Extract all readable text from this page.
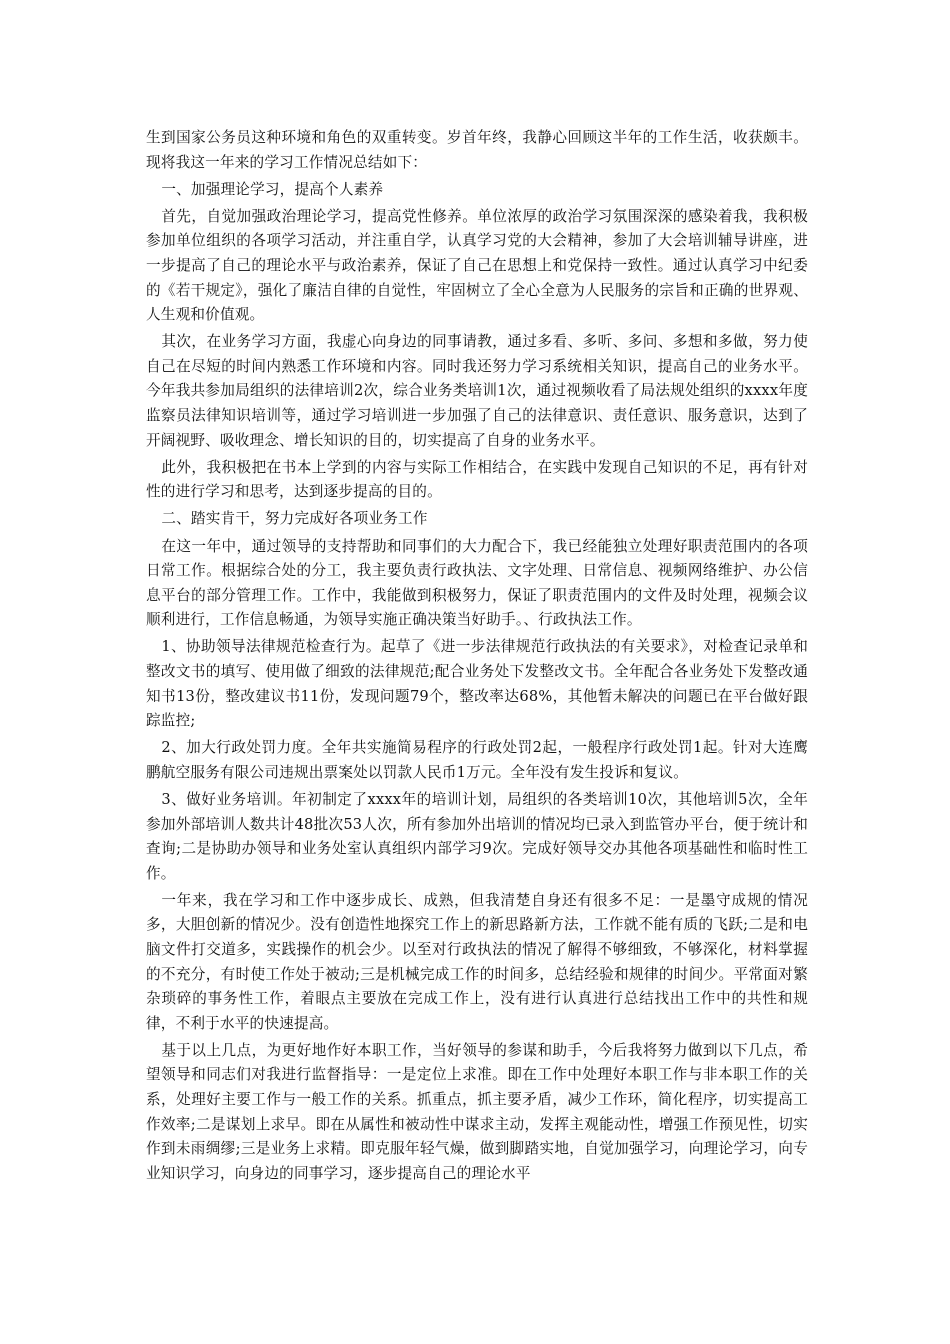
生到国家公务员这种环境和角色的双重转变。岁首年终，我静心回顾这半年的工作生活，收获颇丰。现将我这一年来的学习工作情况总结如下：

一、加强理论学习，提高个人素养

首先，自觉加强政治理论学习，提高党性修养。单位浓厚的政治学习氛围深深的感染着我，我积极参加单位组织的各项学习活动，并注重自学，认真学习党的大会精神，参加了大会培训辅导讲座，进一步提高了自己的理论水平与政治素养，保证了自己在思想上和党保持一致性。通过认真学习中纪委的《若干规定》，强化了廉洁自律的自觉性，牢固树立了全心全意为人民服务的宗旨和正确的世界观、人生观和价值观。

其次，在业务学习方面，我虚心向身边的同事请教，通过多看、多听、多问、多想和多做，努力使自己在尽短的时间内熟悉工作环境和内容。同时我还努力学习系统相关知识，提高自己的业务水平。今年我共参加局组织的法律培训2次，综合业务类培训1次，通过视频收看了局法规处组织的xxxx年度监察员法律知识培训等，通过学习培训进一步加强了自己的法律意识、责任意识、服务意识，达到了开阔视野、吸收理念、增长知识的目的，切实提高了自身的业务水平。

此外，我积极把在书本上学到的内容与实际工作相结合，在实践中发现自己知识的不足，再有针对性的进行学习和思考，达到逐步提高的目的。

二、踏实肯干，努力完成好各项业务工作

在这一年中，通过领导的支持帮助和同事们的大力配合下，我已经能独立处理好职责范围内的各项日常工作。根据综合处的分工，我主要负责行政执法、文字处理、日常信息、视频网络维护、办公信息平台的部分管理工作。工作中，我能做到积极努力，保证了职责范围内的文件及时处理，视频会议顺利进行，工作信息畅通，为领导实施正确决策当好助手。、行政执法工作。

1、协助领导法律规范检查行为。起草了《进一步法律规范行政执法的有关要求》，对检查记录单和整改文书的填写、使用做了细致的法律规范;配合业务处下发整改文书。全年配合各业务处下发整改通知书13份，整改建议书11份，发现问题79个，整改率达68%，其他暂未解决的问题已在平台做好跟踪监控;

2、加大行政处罚力度。全年共实施简易程序的行政处罚2起，一般程序行政处罚1起。针对大连鹰鹏航空服务有限公司违规出票案处以罚款人民币1万元。全年没有发生投诉和复议。

3、做好业务培训。年初制定了xxxx年的培训计划，局组织的各类培训10次，其他培训5次，全年参加外部培训人数共计48批次53人次，所有参加外出培训的情况均已录入到监管办平台，便于统计和查询;二是协助办领导和业务处室认真组织内部学习9次。完成好领导交办其他各项基础性和临时性工作。

一年来，我在学习和工作中逐步成长、成熟，但我清楚自身还有很多不足：一是墨守成规的情况多，大胆创新的情况少。没有创造性地探究工作上的新思路新方法，工作就不能有质的飞跃;二是和电脑文件打交道多，实践操作的机会少。以至对行政执法的情况了解得不够细致，不够深化，材料掌握的不充分，有时使工作处于被动;三是机械完成工作的时间多，总结经验和规律的时间少。平常面对繁杂琐碎的事务性工作，着眼点主要放在完成工作上，没有进行认真进行总结找出工作中的共性和规律，不利于水平的快速提高。

基于以上几点，为更好地作好本职工作，当好领导的参谋和助手，今后我将努力做到以下几点，希望领导和同志们对我进行监督指导：一是定位上求准。即在工作中处理好本职工作与非本职工作的关系，处理好主要工作与一般工作的关系。抓重点，抓主要矛盾，减少工作环，简化程序，切实提高工作效率;二是谋划上求早。即在从属性和被动性中谋求主动，发挥主观能动性，增强工作预见性，切实作到未雨绸缪;三是业务上求精。即克服年轻气燥，做到脚踏实地，自觉加强学习，向理论学习，向专业知识学习，向身边的同事学习，逐步提高自己的理论水平
